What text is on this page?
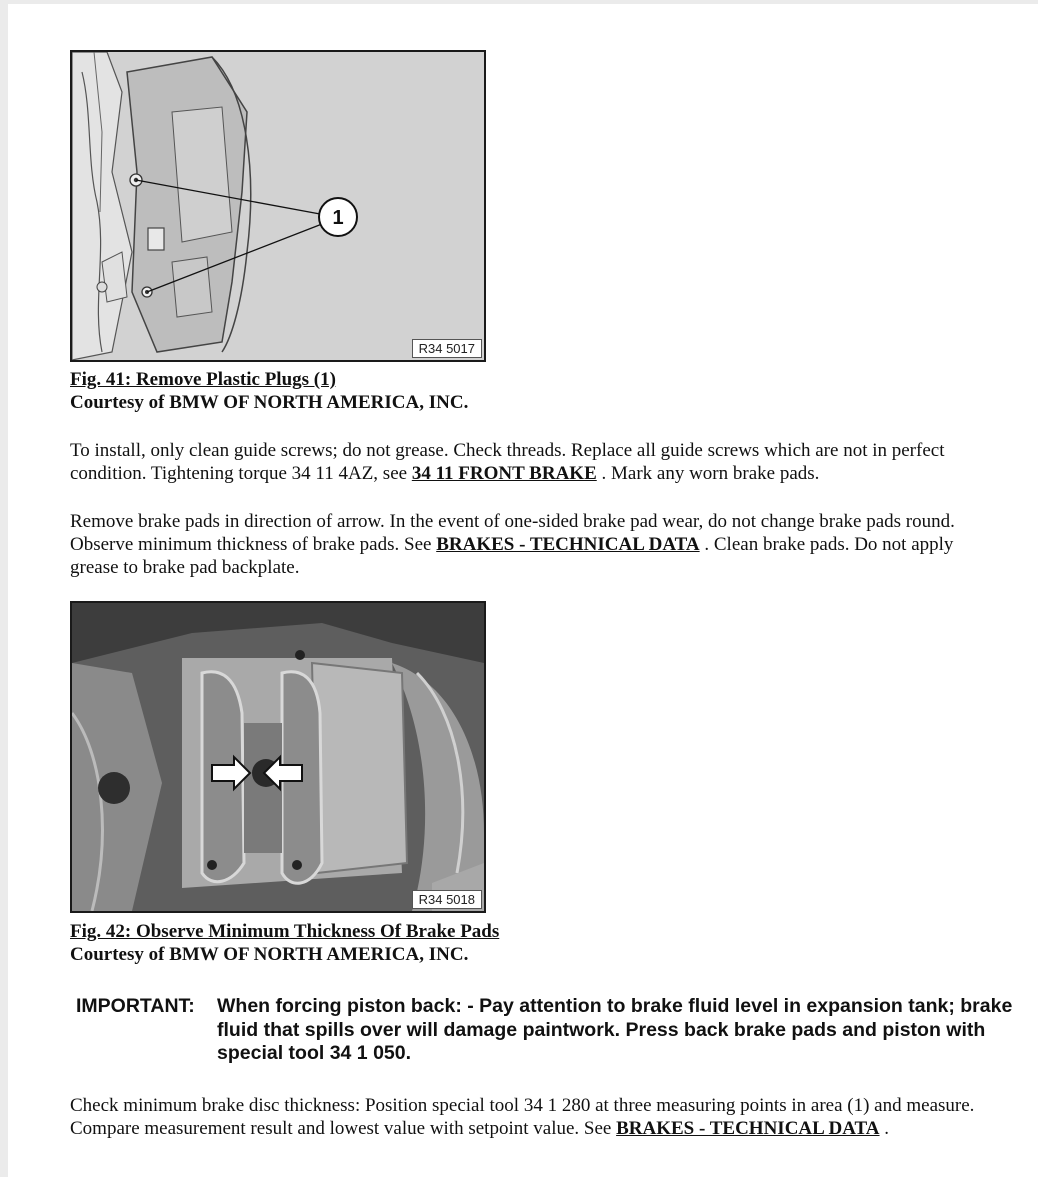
1
R34 5017
Fig. 41: Remove Plastic Plugs (1)
Courtesy of BMW OF NORTH AMERICA, INC.
To install, only clean guide screws; do not grease. Check threads. Replace all guide screws which are not in perfect condition. Tightening torque 34 11 4AZ, see 34 11 FRONT BRAKE . Mark any worn brake pads.
Remove brake pads in direction of arrow. In the event of one-sided brake pad wear, do not change brake pads round. Observe minimum thickness of brake pads. See BRAKES - TECHNICAL DATA . Clean brake pads. Do not apply grease to brake pad backplate.
R34 5018
Fig. 42: Observe Minimum Thickness Of Brake Pads
Courtesy of BMW OF NORTH AMERICA, INC.
IMPORTANT:	When forcing piston back: - Pay attention to brake fluid level in expansion tank; brake fluid that spills over will damage paintwork. Press back brake pads and piston with special tool 34 1 050.
Check minimum brake disc thickness: Position special tool 34 1 280 at three measuring points in area (1) and measure. Compare measurement result and lowest value with setpoint value. See BRAKES - TECHNICAL DATA .
